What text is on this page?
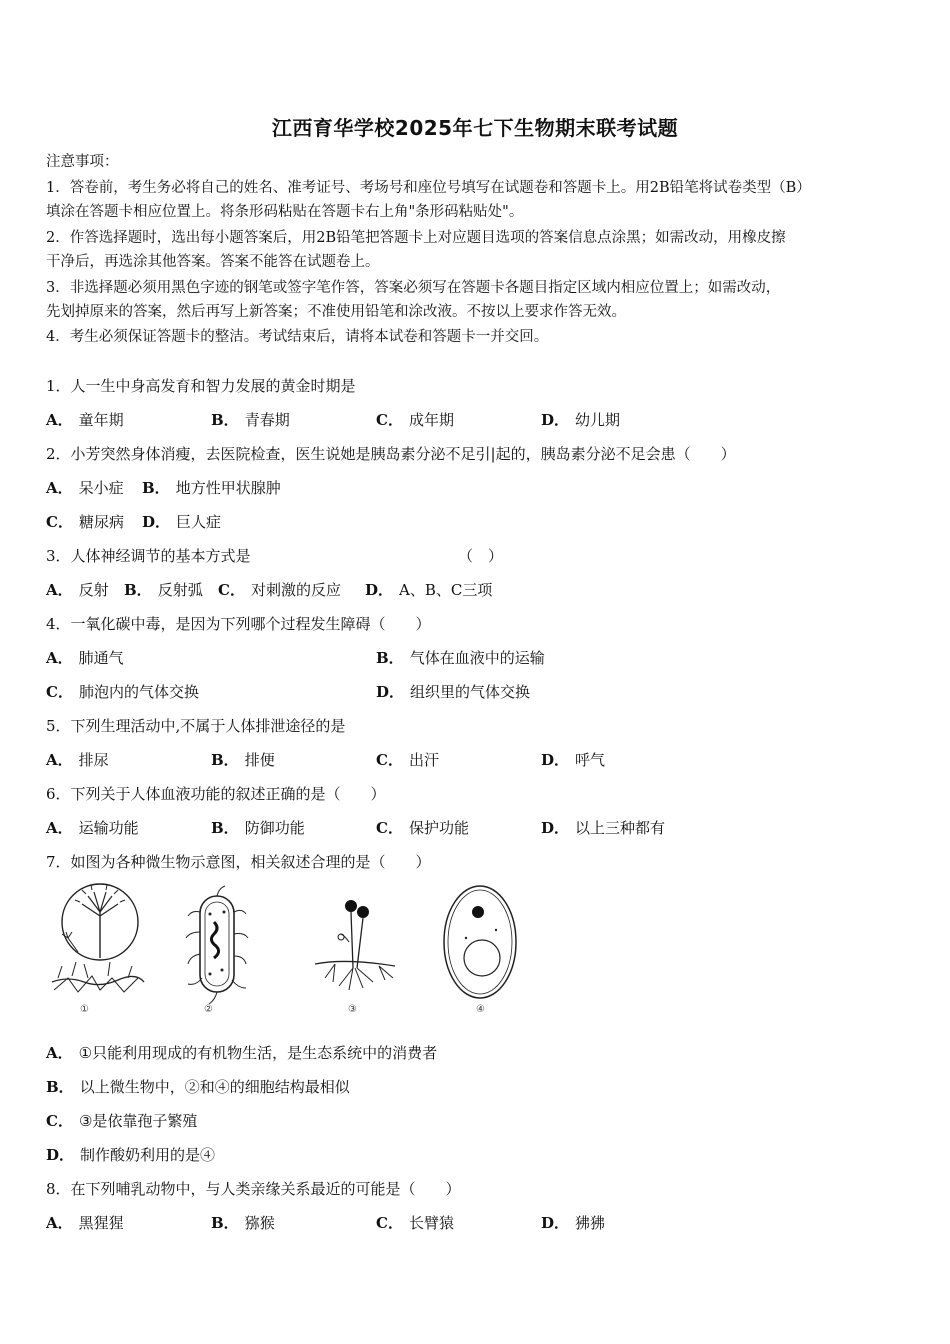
江西育华学校2025年七下生物期末联考试题
注意事项：
1．答卷前，考生务必将自己的姓名、准考证号、考场号和座位号填写在试题卷和答题卡上。用2B铅笔将试卷类型（B）
填涂在答题卡相应位置上。将条形码粘贴在答题卡右上角"条形码粘贴处"。
2．作答选择题时，选出每小题答案后，用2B铅笔把答题卡上对应题目选项的答案信息点涂黑；如需改动，用橡皮擦
干净后，再选涂其他答案。答案不能答在试题卷上。
3．非选择题必须用黑色字迹的钢笔或签字笔作答，答案必须写在答题卡各题目指定区域内相应位置上；如需改动，
先划掉原来的答案，然后再写上新答案；不准使用铅笔和涂改液。不按以上要求作答无效。
4．考生必须保证答题卡的整洁。考试结束后，请将本试卷和答题卡一并交回。
1．人一生中身高发育和智力发展的黄金时期是
A． 童年期	B． 青春期	C． 成年期	D． 幼儿期
2．小芳突然身体消瘦，去医院检查，医生说她是胰岛素分泌不足引|起的，胰岛素分泌不足会患（　　）
A． 呆小症 B． 地方性甲状腺肿
C． 糖尿病 D． 巨人症
3．人体神经调节的基本方式是	（　）
A． 反射 B． 反射弧 C． 对刺激的反应 D． A、B、C三项
4．一氧化碳中毒，是因为下列哪个过程发生障碍（　　）
A． 肺通气	B． 气体在血液中的运输
C． 肺泡内的气体交换	D． 组织里的气体交换
5．下列生理活动中,不属于人体排泄途径的是
A． 排尿	B． 排便	C． 出汗	D． 呼气
6．下列关于人体血液功能的叙述正确的是（　　）
A． 运输功能	B． 防御功能	C． 保护功能	D． 以上三种都有
7．如图为各种微生物示意图，相关叙述合理的是（　　）
①	②	③	④
A． ①只能利用现成的有机物生活，是生态系统中的消费者
B． 以上微生物中，②和④的细胞结构最相似
C． ③是依靠孢子繁殖
D． 制作酸奶利用的是④
8．在下列哺乳动物中，与人类亲缘关系最近的可能是（　　）
A． 黑猩猩	B． 猕猴	C． 长臂猿	D． 狒狒
